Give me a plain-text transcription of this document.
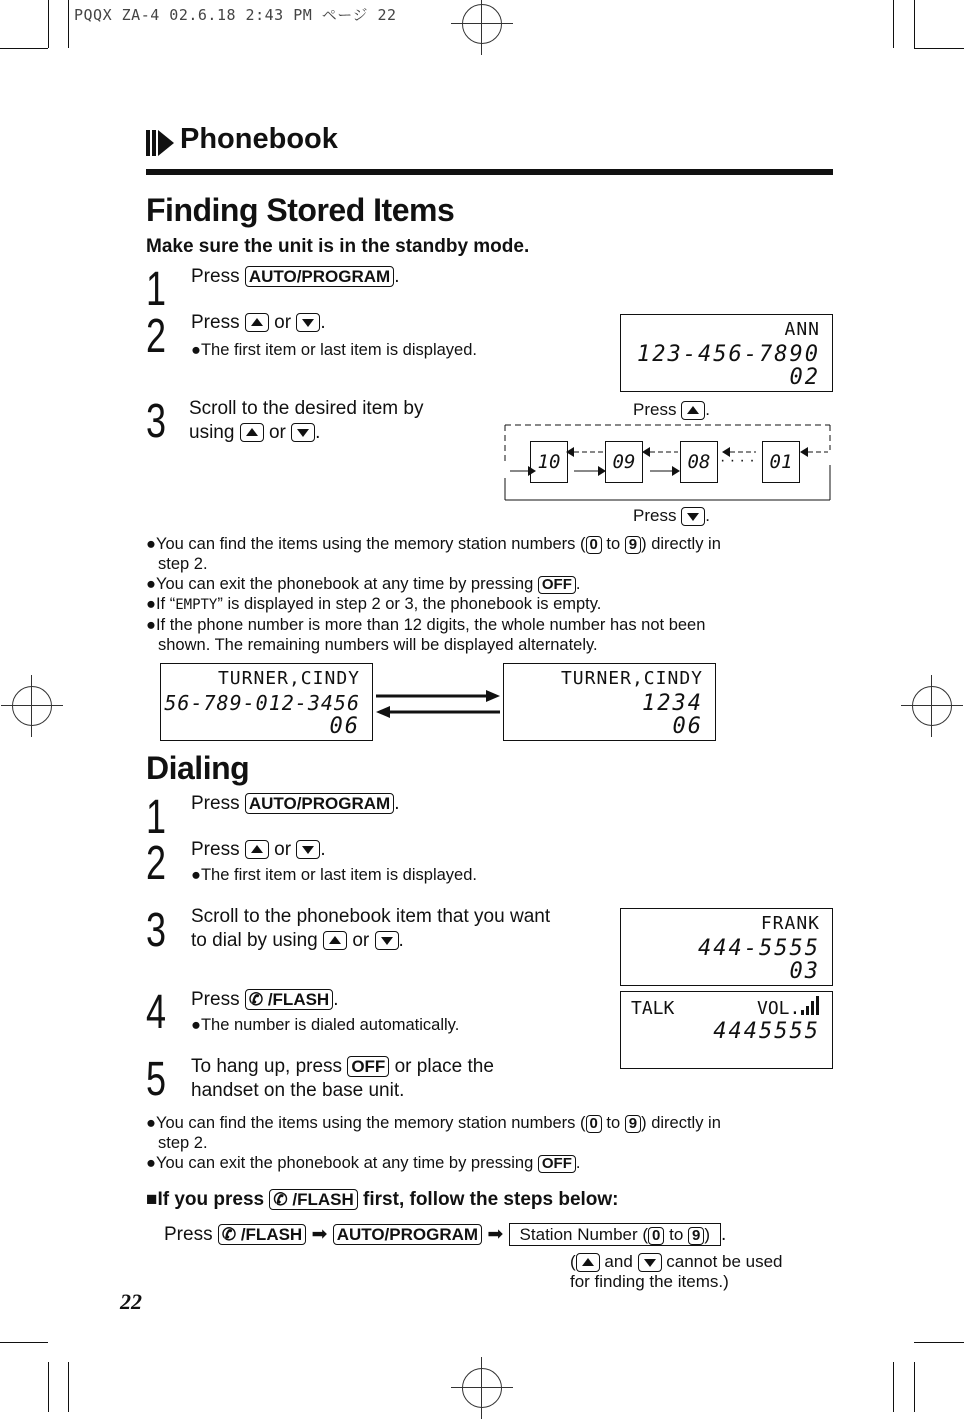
PQQX ZA-4 02.6.18 2:43 PM ページ 22
Phonebook
Finding Stored Items
Make sure the unit is in the standby mode.
1 Press AUTO/PROGRAM .
2 Press or .
●The first item or last item is displayed.
ANN
123-456-7890
02
3 Scroll to the desired item by
using or .
Press .
10	09	08 · · · · 01
Press .
●You can find the items using the memory station numbers ( 0 to 9 ) directly in
step 2.
●You can exit the phonebook at any time by pressing OFF .
●If “EMPTY” is displayed in step 2 or 3, the phonebook is empty.
●If the phone number is more than 12 digits, the whole number has not been
shown. The remaining numbers will be displayed alternately.
TURNER,CINDY
56-789-012-3456
06
TURNER,CINDY
1234
06
Dialing
1 Press AUTO/PROGRAM .
2 Press or .
●The first item or last item is displayed.
3 Scroll to the phonebook item that you want
to dial by using or .
FRANK
444-5555
03
4 Press ✆ /FLASH .
●The number is dialed automatically.
TALK	VOL.
4445555
5 To hang up, press OFF or place the
handset on the base unit.
●You can find the items using the memory station numbers ( 0 to 9 ) directly in
step 2.
●You can exit the phonebook at any time by pressing OFF .
■If you press ✆ /FLASH first, follow the steps below:
Press ✆ /FLASH ➡ AUTO/PROGRAM ➡ Station Number ( 0 to 9 ) .
( and cannot be used
for finding the items.)
22
